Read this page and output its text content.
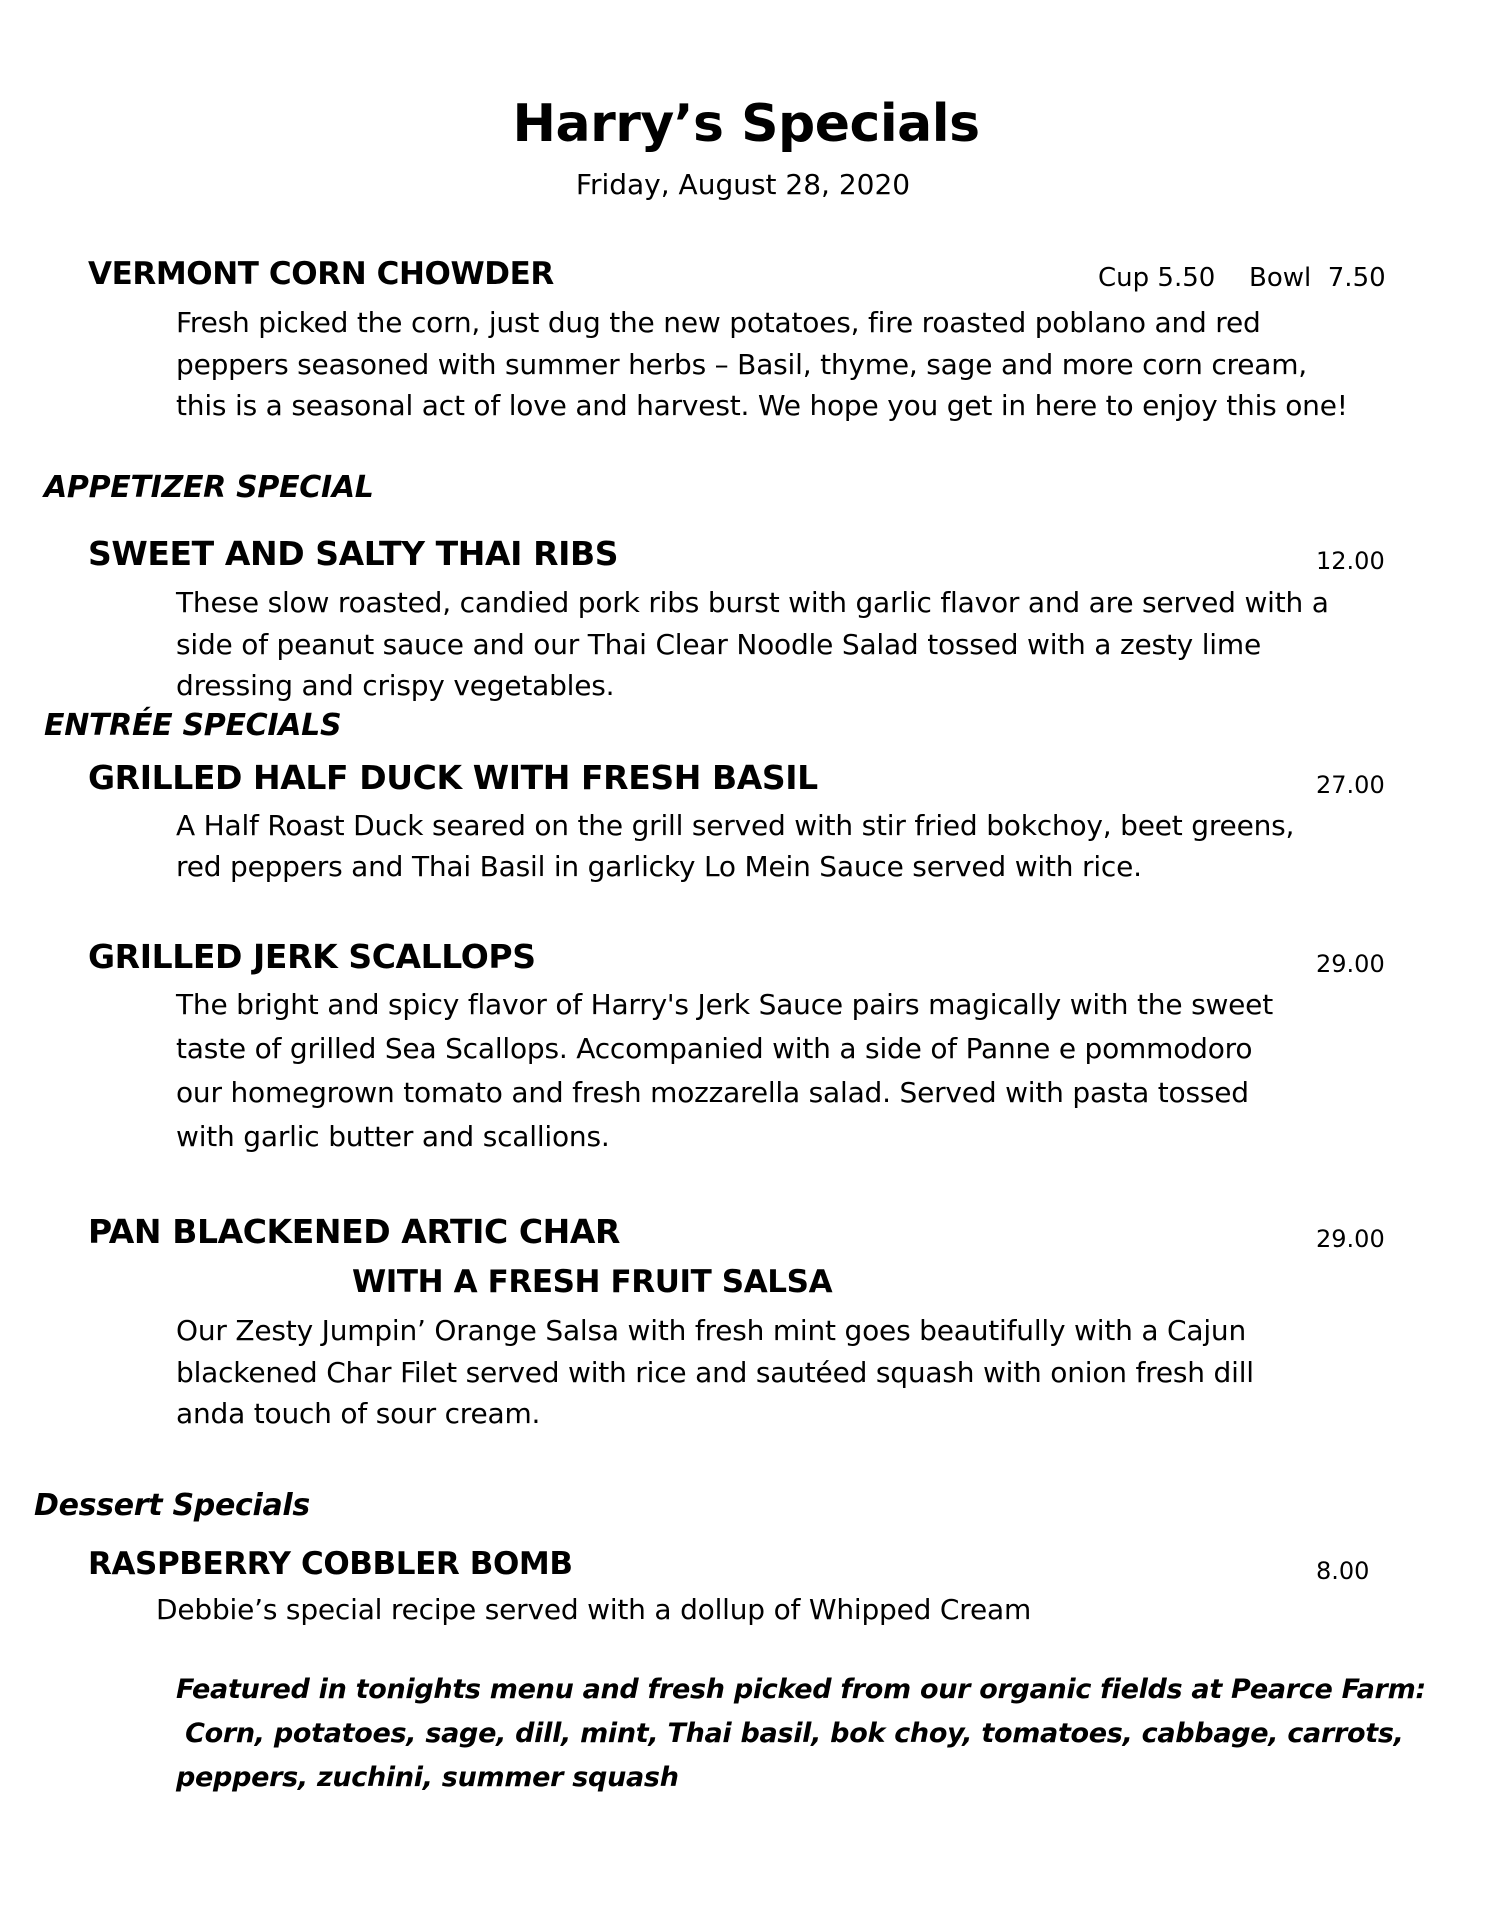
Harry’s Specials
Friday, August 28, 2020
VERMONT CORN CHOWDER	Cup 5.50 Bowl  7.50
Fresh picked the corn, just dug the new potatoes, fire roasted poblano and red
peppers seasoned with summer herbs – Basil, thyme, sage and more corn cream,
this is a seasonal act of love and harvest. We hope you get in here to enjoy this one!
APPETIZER SPECIAL
SWEET AND SALTY THAI RIBS	12.00
These slow roasted, candied pork ribs burst with garlic flavor and are served with a
side of peanut sauce and our Thai Clear Noodle Salad tossed with a zesty lime
dressing and crispy vegetables.
ENTRÉE SPECIALS
GRILLED HALF DUCK WITH FRESH BASIL	27.00
A Half Roast Duck seared on the grill served with stir fried bokchoy, beet greens,
red peppers and Thai Basil in garlicky Lo Mein Sauce served with rice.
GRILLED JERK SCALLOPS	29.00
The bright and spicy flavor of Harry's Jerk Sauce pairs magically with the sweet
taste of grilled Sea Scallops. Accompanied with a side of Panne e pommodoro
our homegrown tomato and fresh mozzarella salad. Served with pasta tossed
with garlic butter and scallions.
PAN BLACKENED ARTIC CHAR	29.00
WITH A FRESH FRUIT SALSA
Our Zesty Jumpin’ Orange Salsa with fresh mint goes beautifully with a Cajun
blackened Char Filet served with rice and sautéed squash with onion fresh dill
anda touch of sour cream.
Dessert Specials
RASPBERRY COBBLER BOMB	8.00
Debbie’s special recipe served with a dollup of Whipped Cream
Featured in tonights menu and fresh picked from our organic fields at Pearce Farm:
Corn, potatoes, sage, dill, mint, Thai basil, bok choy, tomatoes, cabbage, carrots,
peppers, zuchini, summer squash
